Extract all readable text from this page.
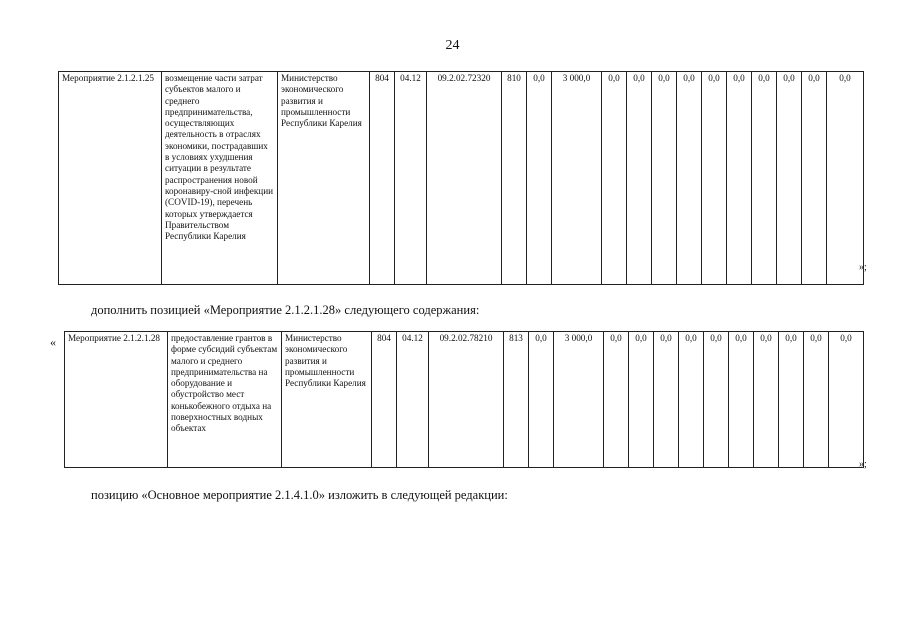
24
Мероприятие 2.1.2.1.25	возмещение части затрат субъектов малого и среднего предпринимательства, осуществляющих деятельность в отраслях экономики, пострадавших в условиях ухудшения ситуации в результате распространения новой коронавиру-сной инфекции (COVID-19), перечень которых утверждается Правительством Республики Карелия	Министерство экономического развития и промышленности Республики Карелия	804	04.12	09.2.02.72320	810	0,0	3 000,0	0,0	0,0	0,0	0,0	0,0	0,0	0,0	0,0	0,0	0,0
»;
дополнить позицией «Мероприятие 2.1.2.1.28» следующего содержания:
« Мероприятие 2.1.2.1.28	предоставление грантов в форме субсидий субъектам малого и среднего предпринимательства на оборудование и обустройство мест конькобежного отдыха на поверхностных водных объектах	Министерство экономического развития и промышленности Республики Карелия	804	04.12	09.2.02.78210	813	0,0	3 000,0	0,0	0,0	0,0	0,0	0,0	0,0	0,0	0,0	0,0	0,0
»;
позицию «Основное мероприятие 2.1.4.1.0» изложить в следующей редакции:
